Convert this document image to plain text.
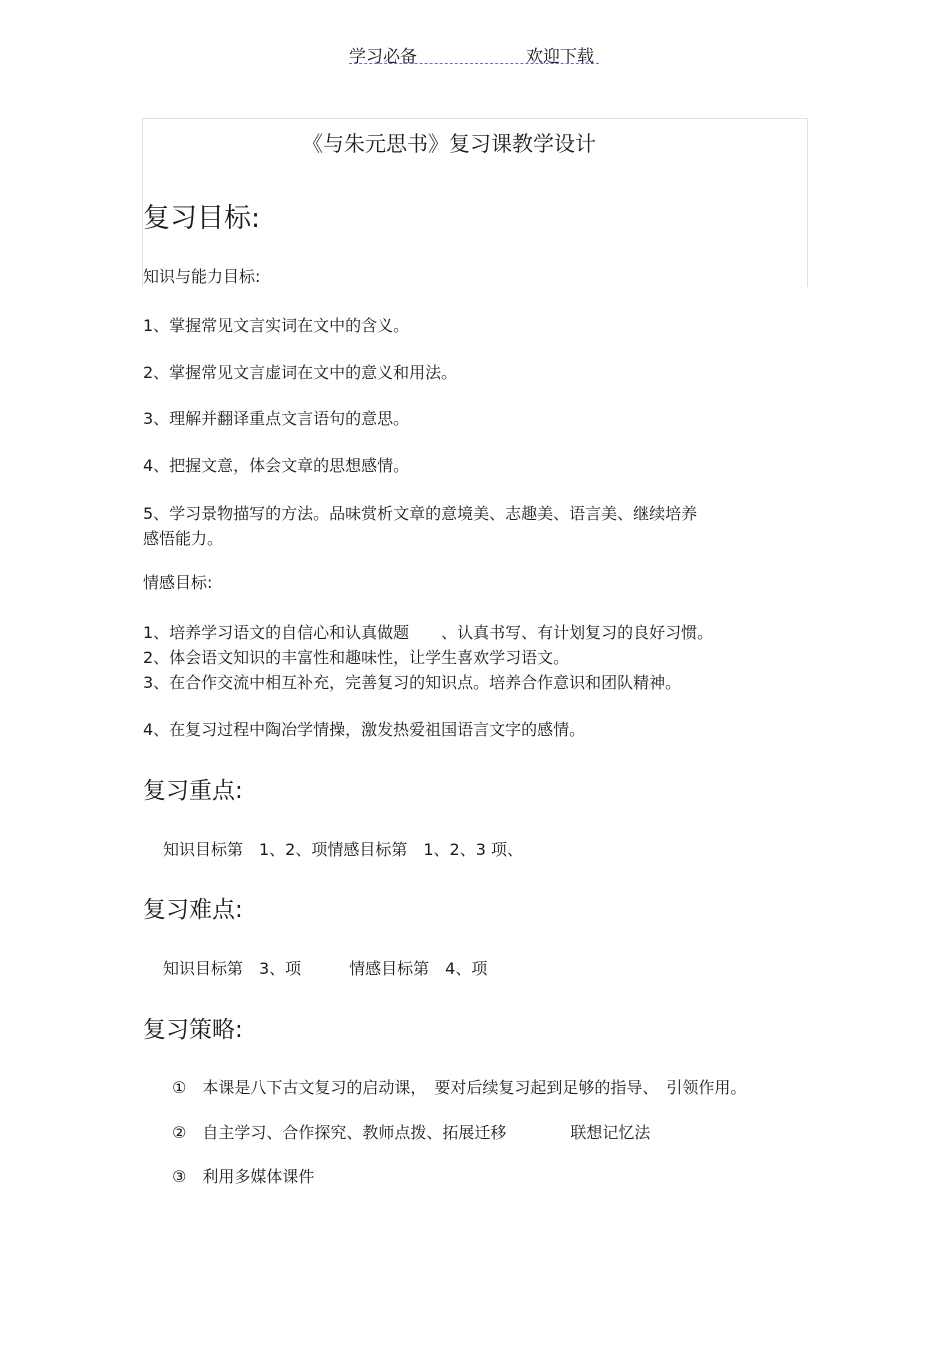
学习必备	欢迎下载
《与朱元思书》复习课教学设计
复习目标:
知识与能力目标:
1、掌握常见文言实词在文中的含义。
2、掌握常见文言虚词在文中的意义和用法。
3、理解并翻译重点文言语句的意思。
4、把握文意，体会文章的思想感情。
5、学习景物描写的方法。品味赏析文章的意境美、志趣美、语言美、继续培养
感悟能力。
情感目标:
1、培养学习语文的自信心和认真做题　　、认真书写、有计划复习的良好习惯。
2、体会语文知识的丰富性和趣味性，让学生喜欢学习语文。
3、在合作交流中相互补充，完善复习的知识点。培养合作意识和团队精神。
4、在复习过程中陶冶学情操，激发热爱祖国语言文字的感情。
复习重点:
知识目标第　1、2、项情感目标第　1、2、3 项、
复习难点:
知识目标第　3、项　　　情感目标第　4、项
复习策略:
①　本课是八下古文复习的启动课，　要对后续复习起到足够的指导、　引领作用。
②　自主学习、合作探究、教师点拨、拓展迁移　　　　联想记忆法
③　利用多媒体课件
